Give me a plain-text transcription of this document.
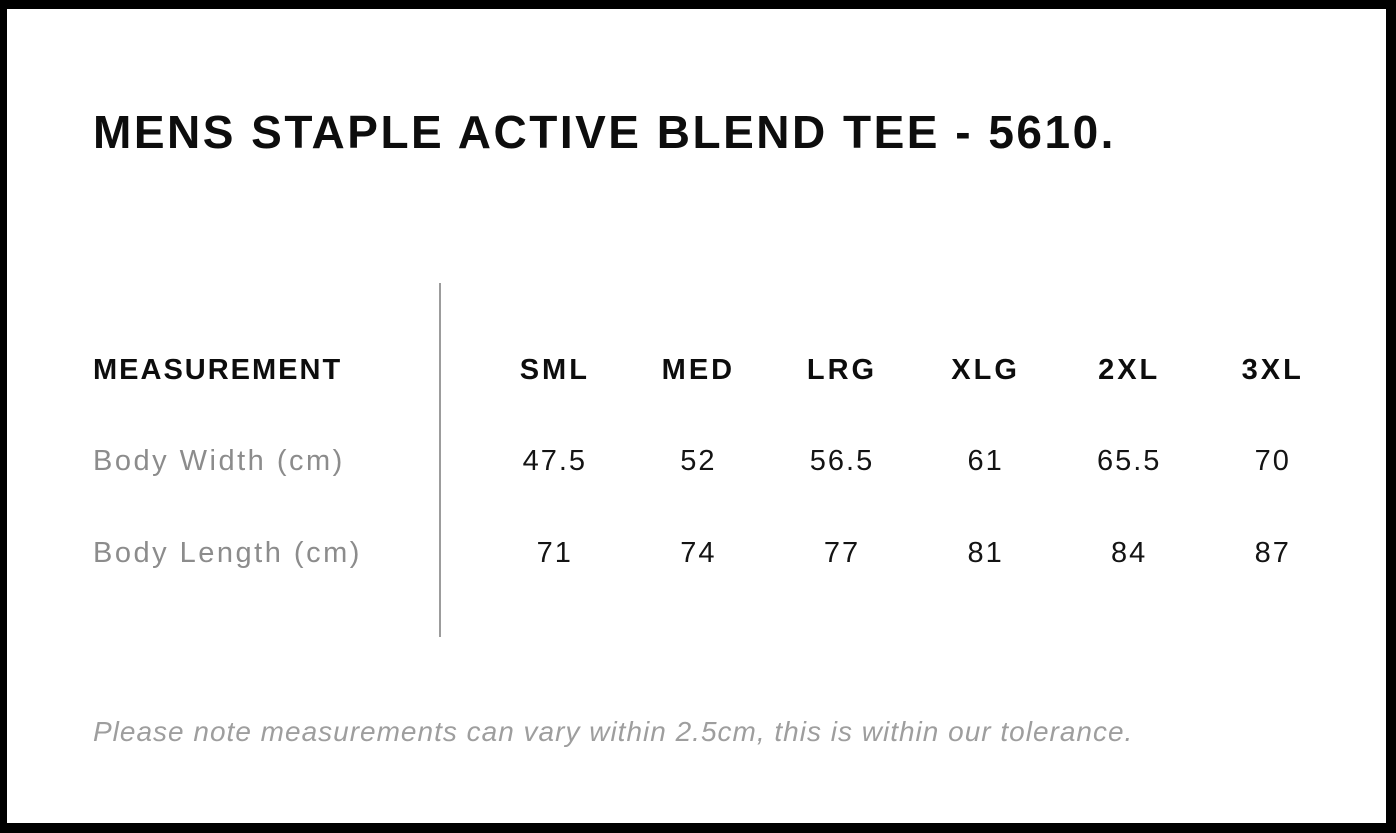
MENS STAPLE ACTIVE BLEND TEE - 5610.
MEASUREMENT	SML	MED	LRG	XLG	2XL	3XL
Body Width (cm)	47.5	52	56.5	61	65.5	70
Body Length (cm)	71	74	77	81	84	87

Please note measurements can vary within 2.5cm, this is within our tolerance.
